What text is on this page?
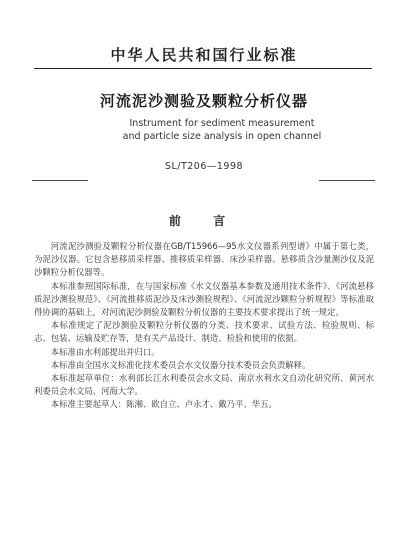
中华人民共和国行业标准
河流泥沙测验及颗粒分析仪器
Instrument for sediment measurement
and particle size analysis in open channel
SL/T206—1998
前 言

河流泥沙测验及颗粒分析仪器在GB/T15966—95水文仪器系列型谱》中属于第七类，为泥沙仪器。它包含悬移质采样器、推移质采样器、床沙采样器、悬移质含沙量测沙仪及泥沙颗粒分析仪器等。

本标准参照国际标准，在与国家标准《水文仪器基本参数及通用技术条件》、《河流悬移质泥沙测验规范》、《河流推移质泥沙及床沙测验规程》、《河流泥沙颗粒分析规程》等标准取得协调的基础上，对河流泥沙测验及颗粒分析仪器的主要技术要求提出了统一规定。

本标准规定了泥沙测验及颗粒分析仪器的分类、技术要求、试验方法、检验规则、标志、包装、运输及贮存等，是有关产品设计、制造、检验和使用的依据。

本标准由水利部提出并归口。

本标准由全国水文标准化技术委员会水文仪器分技术委员会负责解释。

本标准起草单位：水利部长江水利委员会水文局、南京水利水文自动化研究所、黄河水利委员会水文局、河海大学。

本标准主要起草人：陈湘、欧自立、卢永才、戴乃平、华五。
